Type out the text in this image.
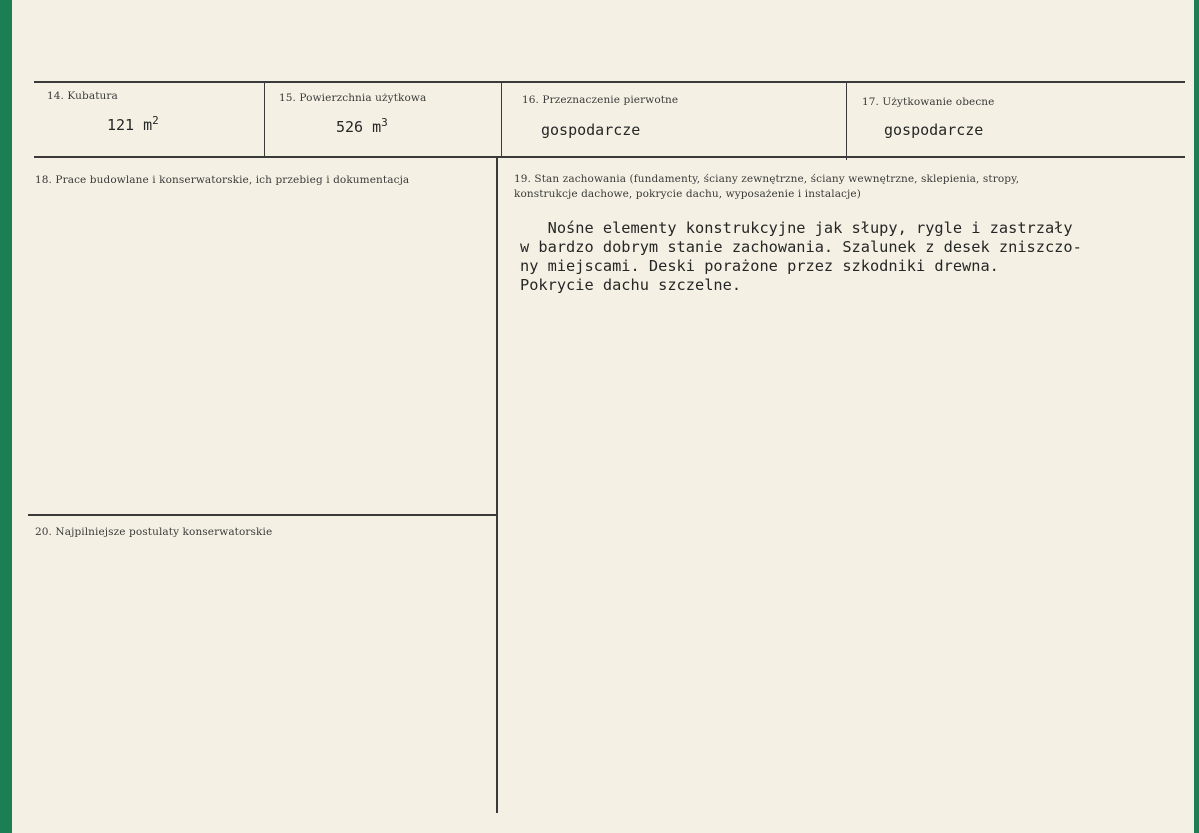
14. Kubatura
121 $m^2$
15. Powierzchnia użytkowa
526 $m^3$
16. Przeznaczenie pierwotne
gospodarcze
17. Użytkowanie obecne
gospodarcze
18. Prace budowlane i konserwatorskie, ich przebieg i dokumentacja	19. Stan zachowania (fundamenty, ściany zewnętrzne, ściany wewnętrzne, sklepienia, stropy,
konstrukcje dachowe, pokrycie dachu, wyposażenie i instalacje)
Nośne elementy konstrukcyjne jak słupy, rygle i zastrzały
w bardzo dobrym stanie zachowania. Szalunek z desek zniszczo-
ny miejscami. Deski porażone przez szkodniki drewna.
Pokrycie dachu szczelne.
20. Najpilniejsze postulaty konserwatorskie
